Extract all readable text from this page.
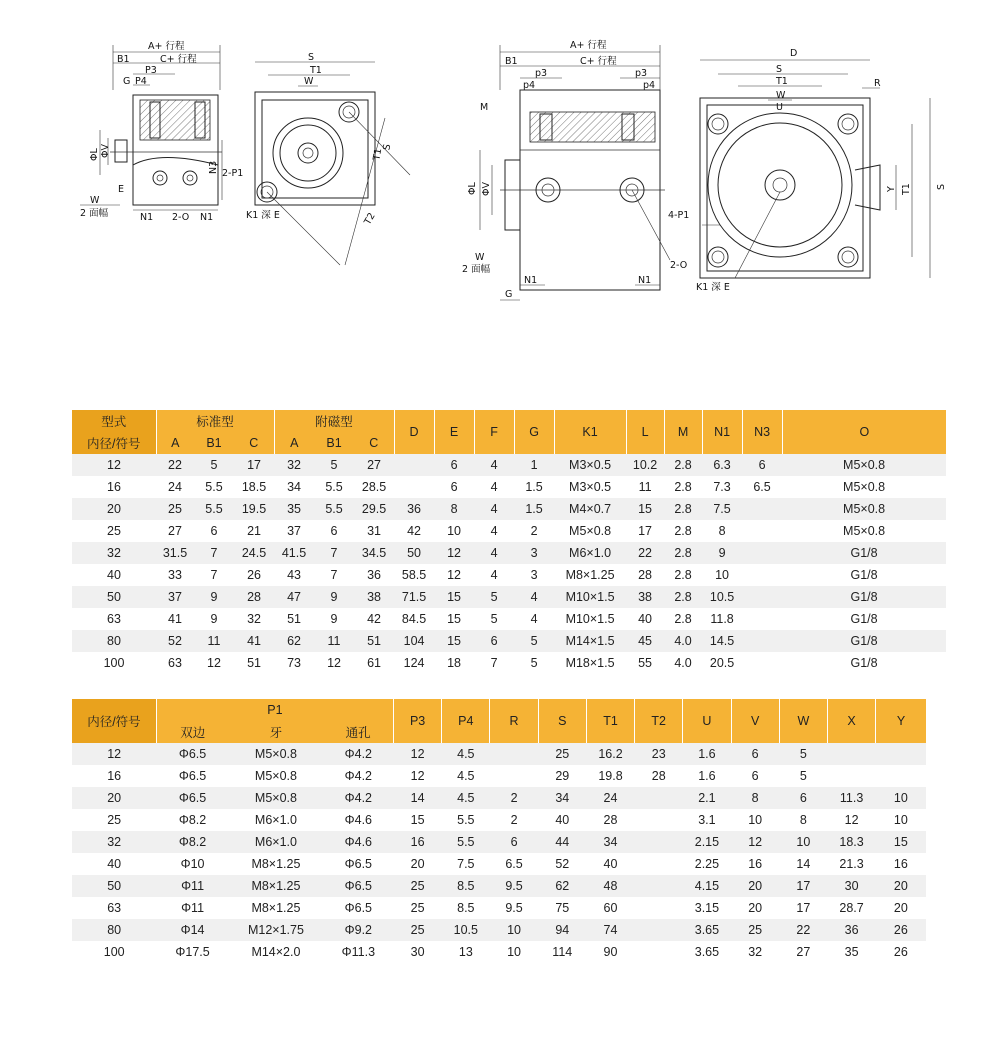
A+ 行程
B1	C+ 行程
P3
P4
G
ΦL ΦV
E
W
2 面幅	N1 2-O N1
N3
S
T1
W
2-P1
K1 深 E	T2
T1
S
A+ 行程
B1	C+ 行程
p3	p3
p4	p4
M
ΦL ΦV
W
2 面幅
N1	N1
G
2-O
D
S
T1
W
U
R
4-P1
K1 深 E
Y T1	S
型式	标准型			附磁型			D	E	F	G	K1	L	M	N1	N3	O
内径/符号	A	B1	C	A	B1	C										
12	22	5	17	32	5	27		6	4	1	M3×0.5	10.2	2.8	6.3	6	M5×0.8
16	24	5.5	18.5	34	5.5	28.5		6	4	1.5	M3×0.5	11	2.8	7.3	6.5	M5×0.8
20	25	5.5	19.5	35	5.5	29.5	36	8	4	1.5	M4×0.7	15	2.8	7.5		M5×0.8
25	27	6	21	37	6	31	42	10	4	2	M5×0.8	17	2.8	8		M5×0.8
32	31.5	7	24.5	41.5	7	34.5	50	12	4	3	M6×1.0	22	2.8	9		G1/8
40	33	7	26	43	7	36	58.5	12	4	3	M8×1.25	28	2.8	10		G1/8
50	37	9	28	47	9	38	71.5	15	5	4	M10×1.5	38	2.8	10.5		G1/8
63	41	9	32	51	9	42	84.5	15	5	4	M10×1.5	40	2.8	11.8		G1/8
80	52	11	41	62	11	51	104	15	6	5	M14×1.5	45	4.0	14.5		G1/8
100	63	12	51	73	12	61	124	18	7	5	M18×1.5	55	4.0	20.5		G1/8
内径/符号	P1			P3	P4	R	S	T1	T2	U	V	W	X	Y
	双边	牙	通孔											
12	Φ6.5	M5×0.8	Φ4.2	12	4.5		25	16.2	23	1.6	6	5		
16	Φ6.5	M5×0.8	Φ4.2	12	4.5		29	19.8	28	1.6	6	5		
20	Φ6.5	M5×0.8	Φ4.2	14	4.5	2	34	24		2.1	8	6	11.3	10
25	Φ8.2	M6×1.0	Φ4.6	15	5.5	2	40	28		3.1	10	8	12	10
32	Φ8.2	M6×1.0	Φ4.6	16	5.5	6	44	34		2.15	12	10	18.3	15
40	Φ10	M8×1.25	Φ6.5	20	7.5	6.5	52	40		2.25	16	14	21.3	16
50	Φ11	M8×1.25	Φ6.5	25	8.5	9.5	62	48		4.15	20	17	30	20
63	Φ11	M8×1.25	Φ6.5	25	8.5	9.5	75	60		3.15	20	17	28.7	20
80	Φ14	M12×1.75	Φ9.2	25	10.5	10	94	74		3.65	25	22	36	26
100	Φ17.5	M14×2.0	Φ11.3	30	13	10	114	90		3.65	32	27	35	26
